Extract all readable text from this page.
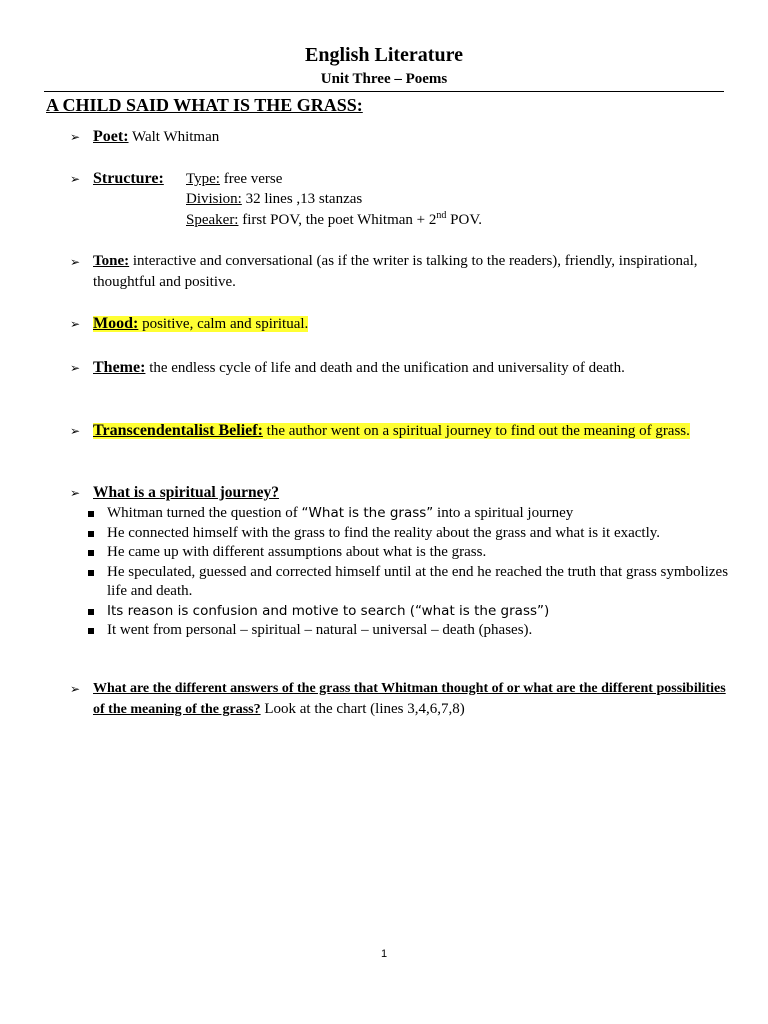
English Literature
Unit Three – Poems
A CHILD SAID WHAT IS THE GRASS:
➢ Poet: Walt Whitman
➢ Structure:	Type: free verse
Division: 32 lines ,13 stanzas
Speaker: first POV, the poet Whitman + 2nd POV.
➢ Tone: interactive and conversational (as if the writer is talking to the readers), friendly, inspirational, thoughtful and positive.
➢ Mood: positive, calm and spiritual.
➢ Theme: the endless cycle of life and death and the unification and universality of death.
➢ Transcendentalist Belief: the author went on a spiritual journey to find out the meaning of grass.
➢ What is a spiritual journey?
Whitman turned the question of “What is the grass” into a spiritual journey
He connected himself with the grass to find the reality about the grass and what is it exactly.
He came up with different assumptions about what is the grass.
He speculated, guessed and corrected himself until at the end he reached the truth that grass symbolizes life and death.
Its reason is confusion and motive to search (“what is the grass”)
It went from personal – spiritual – natural – universal – death (phases).
➢ What are the different answers of the grass that Whitman thought of or what are the different possibilities of the meaning of the grass? Look at the chart (lines 3,4,6,7,8)
1
